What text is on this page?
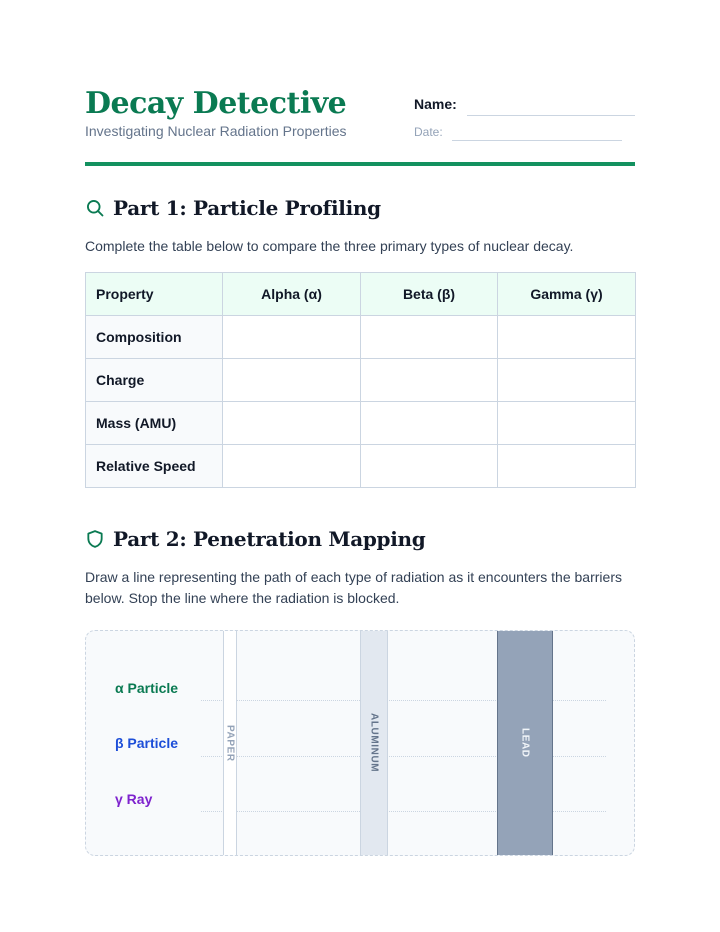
Decay Detective
Investigating Nuclear Radiation Properties
Name:
Date:
Part 1: Particle Profiling
Complete the table below to compare the three primary types of nuclear decay.
Property	Alpha (α)	Beta (β)	Gamma (γ)
Composition			
Charge			
Mass (AMU)			
Relative Speed			
Part 2: Penetration Mapping
Draw a line representing the path of each type of radiation as it encounters the barriers below. Stop the line where the radiation is blocked.
α Particle
β Particle
γ Ray
PAPER	ALUMINUM	LEAD
